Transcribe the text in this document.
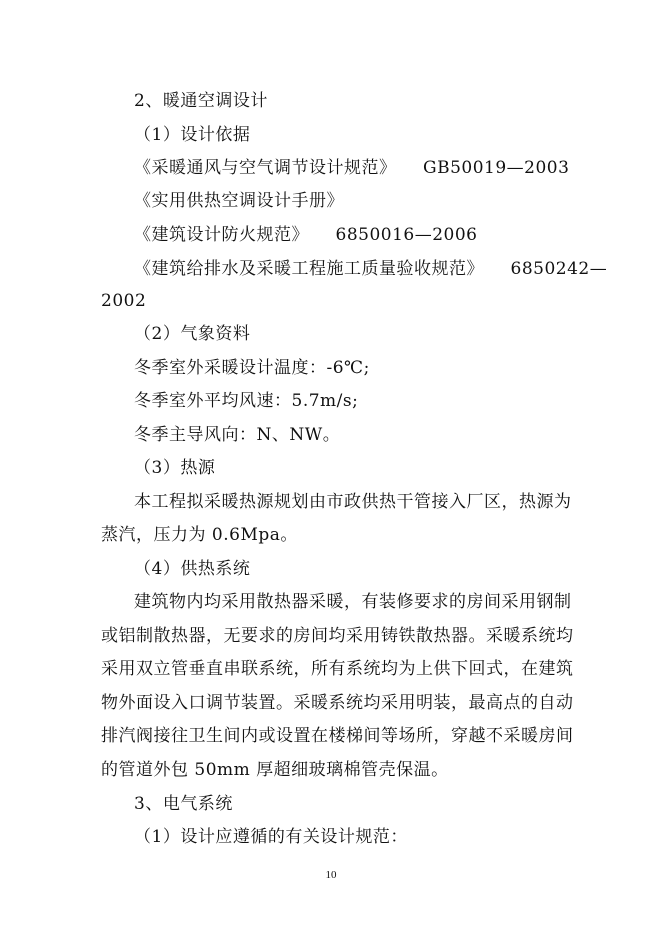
2、暖通空调设计
（1）设计依据
《采暖通风与空气调节设计规范》　　GB50019—2003
《实用供热空调设计手册》
《建筑设计防火规范》　　6850016—2006
《建筑给排水及采暖工程施工质量验收规范》　　6850242—
2002
（2）气象资料
冬季室外采暖设计温度：-6℃;
冬季室外平均风速：5.7m/s;
冬季主导风向：N、NW。
（3）热源
本工程拟采暖热源规划由市政供热干管接入厂区，热源为
蒸汽，压力为 0.6Mpa。
（4）供热系统
建筑物内均采用散热器采暖，有装修要求的房间采用钢制
或铝制散热器，无要求的房间均采用铸铁散热器。采暖系统均
采用双立管垂直串联系统，所有系统均为上供下回式，在建筑
物外面设入口调节装置。采暖系统均采用明装，最高点的自动
排汽阀接往卫生间内或设置在楼梯间等场所，穿越不采暖房间
的管道外包 50mm 厚超细玻璃棉管壳保温。
3、电气系统
（1）设计应遵循的有关设计规范：
10
